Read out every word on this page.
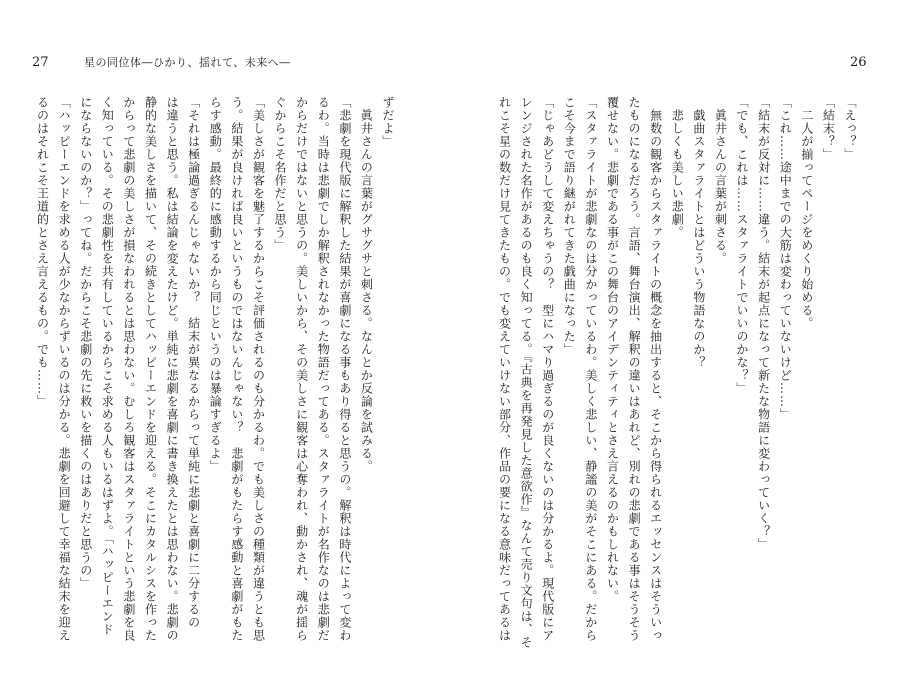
27	星の同位体―ひかり、揺れて、未来へ―	26
「えっ？」
「結末？」
　二人が揃ってページをめくり始める。
「これ……途中までの大筋は変わっていないけど……」
「結末が反対に……違う。結末が起点になって新たな物語に変わっていく？」
「でも、これは……スタァライトでいいのかな？」
　眞井さんの言葉が刺さる。
　戯曲スタァライトとはどういう物語なのか？
　悲しくも美しい悲劇。
　無数の観客からスタァライトの概念を抽出すると、そこから得られるエッセンスはそういっ
たものになるだろう。言語、舞台演出、解釈の違いはあれど、別れの悲劇である事はそうそう
覆せない。悲劇である事がこの舞台のアイデンティティとさえ言えるのかもしれない。
「スタァライトが悲劇なのは分かっているわ。美しく悲しい、静謐の美がそこにある。だから
こそ今まで語り継がれてきた戯曲になった」
「じゃあどうして変えちゃうの？　型にハマり過ぎるのが良くないのは分かるよ。現代版にア
レンジされた名作があるのも良く知ってる。『古典を再発見した意欲作』なんて売り文句は、そ
れこそ星の数だけ見てきたもの。でも変えていけない部分、作品の要になる意味だってあるは
ずだよ」
　眞井さんの言葉がグサグサと刺さる。なんとか反論を試みる。
「悲劇を現代版に解釈した結果が喜劇になる事もあり得ると思うの。解釈は時代によって変わ
るわ。当時は悲劇でしか解釈されなかった物語だってある。スタァライトが名作なのは悲劇だ
からだけではないと思うの。美しいから、その美しさに観客は心奪われ、動かされ、魂が揺ら
ぐからこそ名作だと思う」
「美しさが観客を魅了するからこそ評価されるのも分かるわ。でも美しさの種類が違うとも思
う。結果が良ければ良いというものではないんじゃない？　悲劇がもたらす感動と喜劇がもた
らす感動。最終的に感動するから同じというのは暴論すぎるよ」
「それは極論過ぎるんじゃないか？　結末が異なるからって単純に悲劇と喜劇に二分するの
は違うと思う。私は結論を変えたけど。単純に悲劇を喜劇に書き換えたとは思わない。悲劇の
静的な美しさを描いて、その続きとしてハッピーエンドを迎える。そこにカタルシスを作った
からって悲劇の美しさが損なわれるとは思わない。むしろ観客はスタァライトという悲劇を良
く知っている。その悲劇性を共有しているからこそ求める人もいるはずよ。「ハッピーエンド
にならないのか？」ってね。だからこそ悲劇の先に救いを描くのはありだと思うの」
「ハッピーエンドを求める人が少なからずいるのは分かる。悲劇を回避して幸福な結末を迎え
るのはそれこそ王道的とさえ言えるもの。でも……」
